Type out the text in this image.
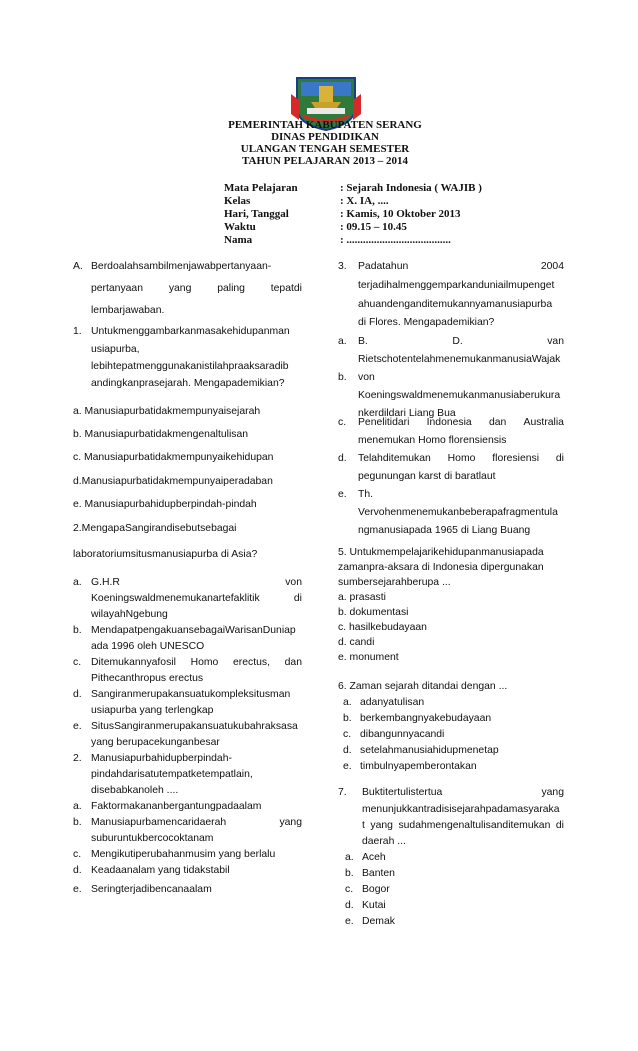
PEMERINTAH KABUPATEN SERANG
DINAS PENDIDIKAN
ULANGAN TENGAH SEMESTER
TAHUN PELAJARAN 2013 – 2014
Mata Pelajaran	: Sejarah Indonesia ( WAJIB )
Kelas	: X. IA, ....
Hari, Tanggal	: Kamis, 10 Oktober 2013
Waktu	: 09.15 – 10.45
Nama	: ......................................
A. Berdoalahsambilmenjawabpertanyaan-
pertanyaan yang paling tepatdi
lembarjawaban.
1. Untukmenggambarkanmasakehidupanman
usiapurba,
lebihtepatmenggunakanistilahpraaksaradib
andingkanprasejarah. Mengapademikian?
a. Manusiapurbatidakmempunyaisejarah
b. Manusiapurbatidakmengenaltulisan
c. Manusiapurbatidakmempunyaikehidupan
d.Manusiapurbatidakmempunyaiperadaban
e. Manusiapurbahidupberpindah-pindah
2.MengapaSangirandisebutsebagai
laboratoriumsitusmanusiapurba di Asia?
a. G.H.R	von
Koeningswaldmenemukanartefaklitik	di
wilayahNgebung
b. MendapatpengakuansebagaiWarisanDuniap
ada 1996 oleh UNESCO
c. Ditemukannyafosil Homo erectus, dan
Pithecanthropus erectus
d. Sangiranmerupakansuatukompleksitusman
usiapurba yang terlengkap
e. SitusSangiranmerupakansuatukubahraksasa
yang berupacekunganbesar
2. Manusiapurbahidupberpindah-
pindahdarisatutempatketempatlain,
disebabkanoleh ....
a. Faktormakananbergantungpadaalam
b. Manusiapurbamencaridaerah	yang
suburuntukbercocoktanam
c. Mengikutiperubahanmusim yang berlalu
d. Keadaanalam yang tidakstabil
e. Seringterjadibencanaalam
3. Padatahun	2004
terjadihalmenggemparkanduniailmupenget
ahuandenganditemukannyamanusiapurba
di Flores. Mengapademikian?
a. B.	D.	van
RietschotentelahmenemukanmanusiaWajak
b. von
Koeningswaldmenemukanmanusiaberukura
nkerdildari Liang Bua
c. Penelitidari Indonesia dan Australia
menemukan Homo florensiensis
d. Telahditemukan Homo floresiensi di
pegunungan karst di baratlaut
e. Th.
Vervohenmenemukanbeberapafragmentula
ngmanusiapada 1965 di Liang Buang
5. Untukmempelajarikehidupanmanusiapada
zamanpra-aksara di Indonesia dipergunakan
sumbersejarahberupa ...
a. prasasti
b. dokumentasi
c. hasilkebudayaan
d. candi
e. monument
6. Zaman sejarah ditandai dengan ...
a. adanyatulisan
b. berkembangnyakebudayaan
c. dibangunnyacandi
d. setelahmanusiahidupmenetap
e. timbulnyapemberontakan
7. Buktitertulistertua	yang
menunjukkantradisisejarahpadamasyaraka
t yang sudahmengenaltulisanditemukan di
daerah ...
a. Aceh
b. Banten
c. Bogor
d. Kutai
e. Demak
